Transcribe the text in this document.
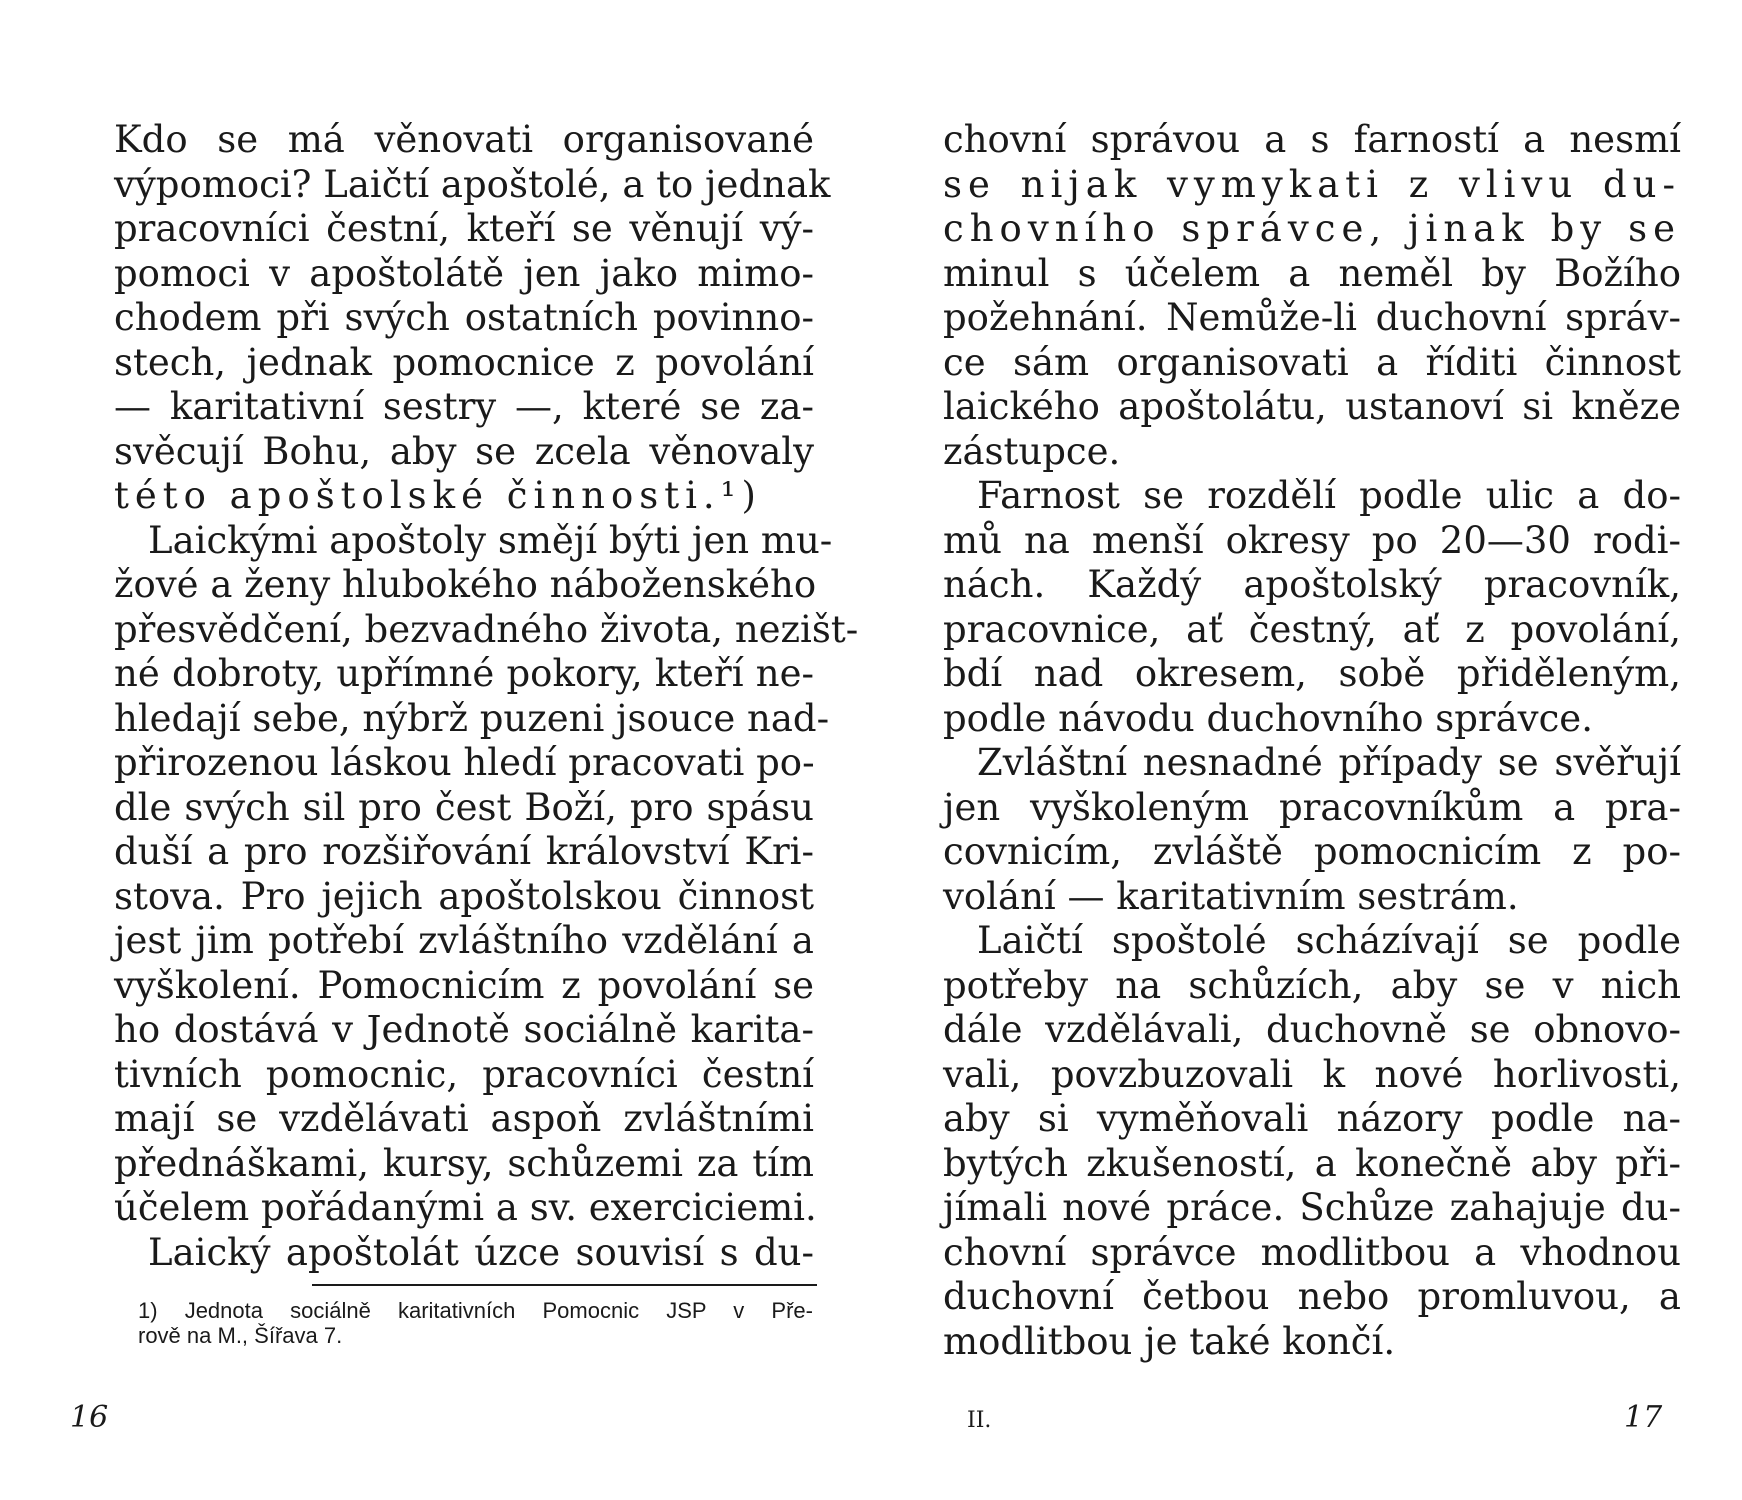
Kdo se má věnovati organisované
výpomoci? Laičtí apoštolé, a to jednak
pracovníci čestní, kteří se věnují vý-
pomoci v apoštolátě jen jako mimo-
chodem při svých ostatních povinno-
stech, jednak pomocnice z povolání
— karitativní sestry —, které se za-
svěcují Bohu, aby se zcela věnovaly
této apoštolské činnosti.¹)
Laickými apoštoly smějí býti jen mu-
žové a ženy hlubokého náboženského
přesvědčení, bezvadného života, nezišt-
né dobroty, upřímné pokory, kteří ne-
hledají sebe, nýbrž puzeni jsouce nad-
přirozenou láskou hledí pracovati po-
dle svých sil pro čest Boží, pro spásu
duší a pro rozšiřování království Kri-
stova. Pro jejich apoštolskou činnost
jest jim potřebí zvláštního vzdělání a
vyškolení. Pomocnicím z povolání se
ho dostává v Jednotě sociálně karita-
tivních pomocnic, pracovníci čestní
mají se vzdělávati aspoň zvláštními
přednáškami, kursy, schůzemi za tím
účelem pořádanými a sv. exerciciemi.
Laický apoštolát úzce souvisí s du-
1) Jednota sociálně karitativních Pomocnic JSP v Pře-
rově na M., Šířava 7.
16
chovní správou a s farností a nesmí
se nijak vymykati z vlivu du-
chovního správce, jinak by se
minul s účelem a neměl by Božího
požehnání. Nemůže-li duchovní správ-
ce sám organisovati a říditi činnost
laického apoštolátu, ustanoví si kněze
zástupce.
Farnost se rozdělí podle ulic a do-
mů na menší okresy po 20—30 rodi-
nách. Každý apoštolský pracovník,
pracovnice, ať čestný, ať z povolání,
bdí nad okresem, sobě přiděleným,
podle návodu duchovního správce.
Zvláštní nesnadné případy se svěřují
jen vyškoleným pracovníkům a pra-
covnicím, zvláště pomocnicím z po-
volání — karitativním sestrám.
Laičtí spoštolé scházívají se podle
potřeby na schůzích, aby se v nich
dále vzdělávali, duchovně se obnovo-
vali, povzbuzovali k nové horlivosti,
aby si vyměňovali názory podle na-
bytých zkušeností, a konečně aby při-
jímali nové práce. Schůze zahajuje du-
chovní správce modlitbou a vhodnou
duchovní četbou nebo promluvou, a
modlitbou je také končí.
II.	17
